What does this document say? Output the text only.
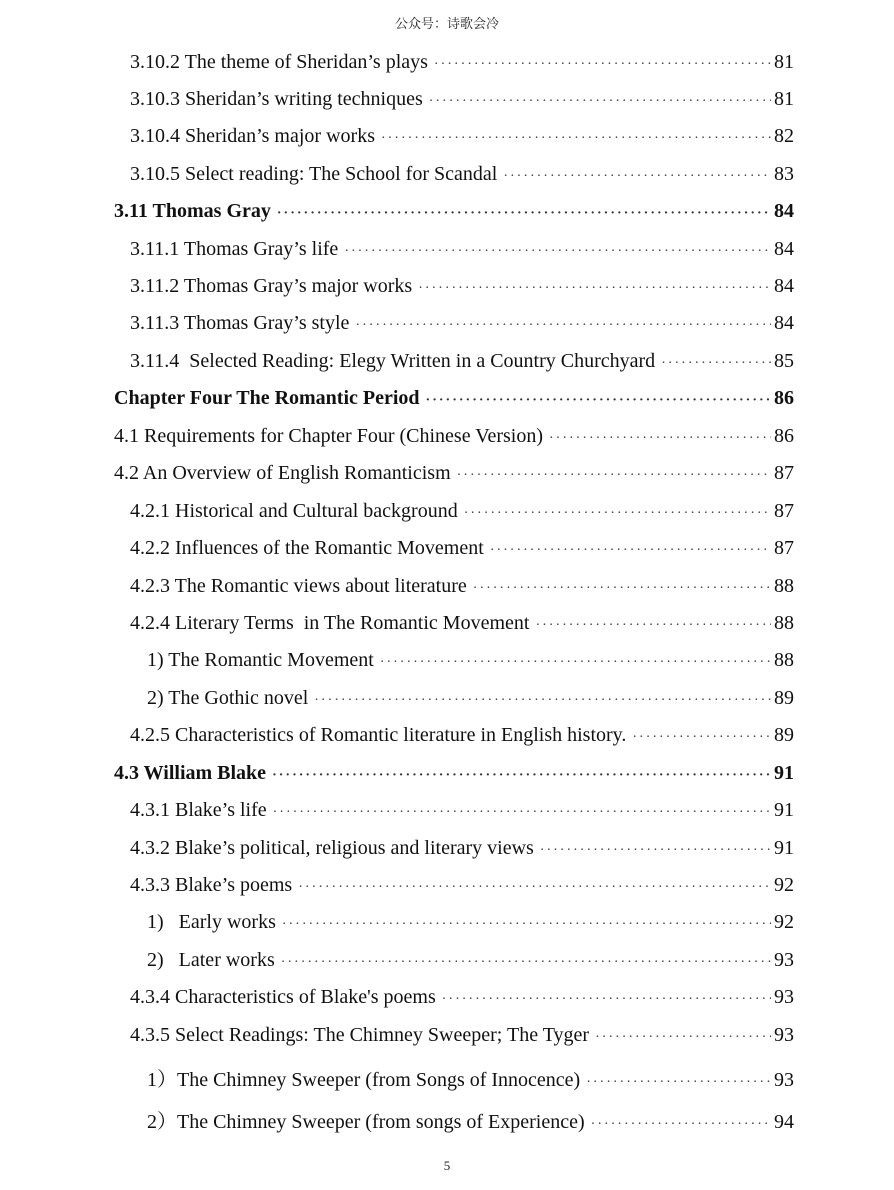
公众号：诗歌会冷
3.10.2 The theme of Sheridan’s plays ·····	81
3.10.3 Sheridan’s writing techniques ·····	81
3.10.4 Sheridan’s major works ·····	82
3.10.5 Select reading: The School for Scandal ·····	83
3.11 Thomas Gray ·····	84
3.11.1 Thomas Gray’s life ·····	84
3.11.2 Thomas Gray’s major works ·····	84
3.11.3 Thomas Gray’s style ·····	84
3.11.4  Selected Reading: Elegy Written in a Country Churchyard ·····	85
Chapter Four The Romantic Period ·····	86
4.1 Requirements for Chapter Four (Chinese Version) ·····	86
4.2 An Overview of English Romanticism ·····	87
4.2.1 Historical and Cultural background ·····	87
4.2.2 Influences of the Romantic Movement ·····	87
4.2.3 The Romantic views about literature ·····	88
4.2.4 Literary Terms  in The Romantic Movement ·····	88
1) The Romantic Movement ·····	88
2) The Gothic novel ·····	89
4.2.5 Characteristics of Romantic literature in English history. ·····	89
4.3 William Blake ·····	91
4.3.1 Blake’s life ·····	91
4.3.2 Blake’s political, religious and literary views ·····	91
4.3.3 Blake’s poems ·····	92
1)   Early works ·····	92
2)   Later works ·····	93
4.3.4 Characteristics of Blake's poems ·····	93
4.3.5 Select Readings: The Chimney Sweeper; The Tyger ·····	93
1）The Chimney Sweeper (from Songs of Innocence) ·····	93
2）The Chimney Sweeper (from songs of Experience) ·····	94
5
